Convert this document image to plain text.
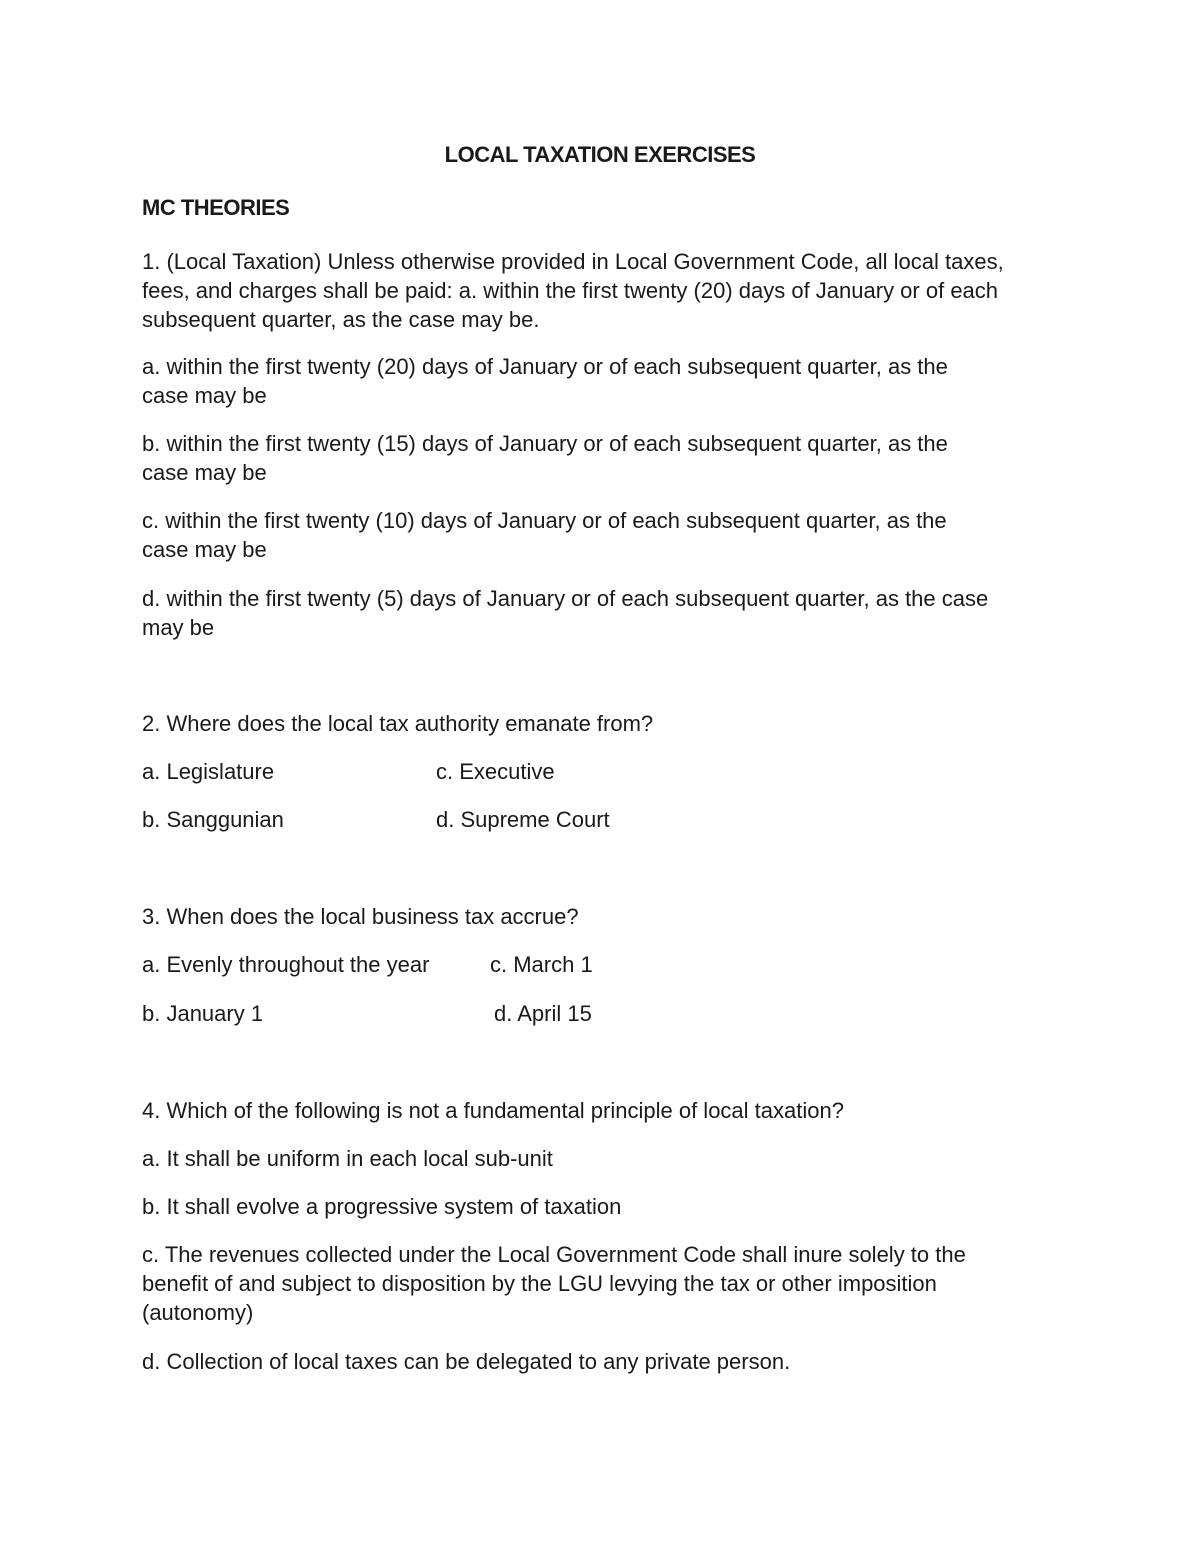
LOCAL TAXATION EXERCISES
MC THEORIES
1. (Local Taxation) Unless otherwise provided in Local Government Code, all local taxes,
fees, and charges shall be paid: a. within the first twenty (20) days of January or of each
subsequent quarter, as the case may be.
a. within the first twenty (20) days of January or of each subsequent quarter, as the
case may be
b. within the first twenty (15) days of January or of each subsequent quarter, as the
case may be
c. within the first twenty (10) days of January or of each subsequent quarter, as the
case may be
d. within the first twenty (5) days of January or of each subsequent quarter, as the case
may be
2. Where does the local tax authority emanate from?
a. Legislature	c. Executive
b. Sanggunian	d. Supreme Court
3. When does the local business tax accrue?
a. Evenly throughout the year	c. March 1
b. January 1	d. April 15
4. Which of the following is not a fundamental principle of local taxation?
a. It shall be uniform in each local sub-unit
b. It shall evolve a progressive system of taxation
c. The revenues collected under the Local Government Code shall inure solely to the
benefit of and subject to disposition by the LGU levying the tax or other imposition
(autonomy)
d. Collection of local taxes can be delegated to any private person.
